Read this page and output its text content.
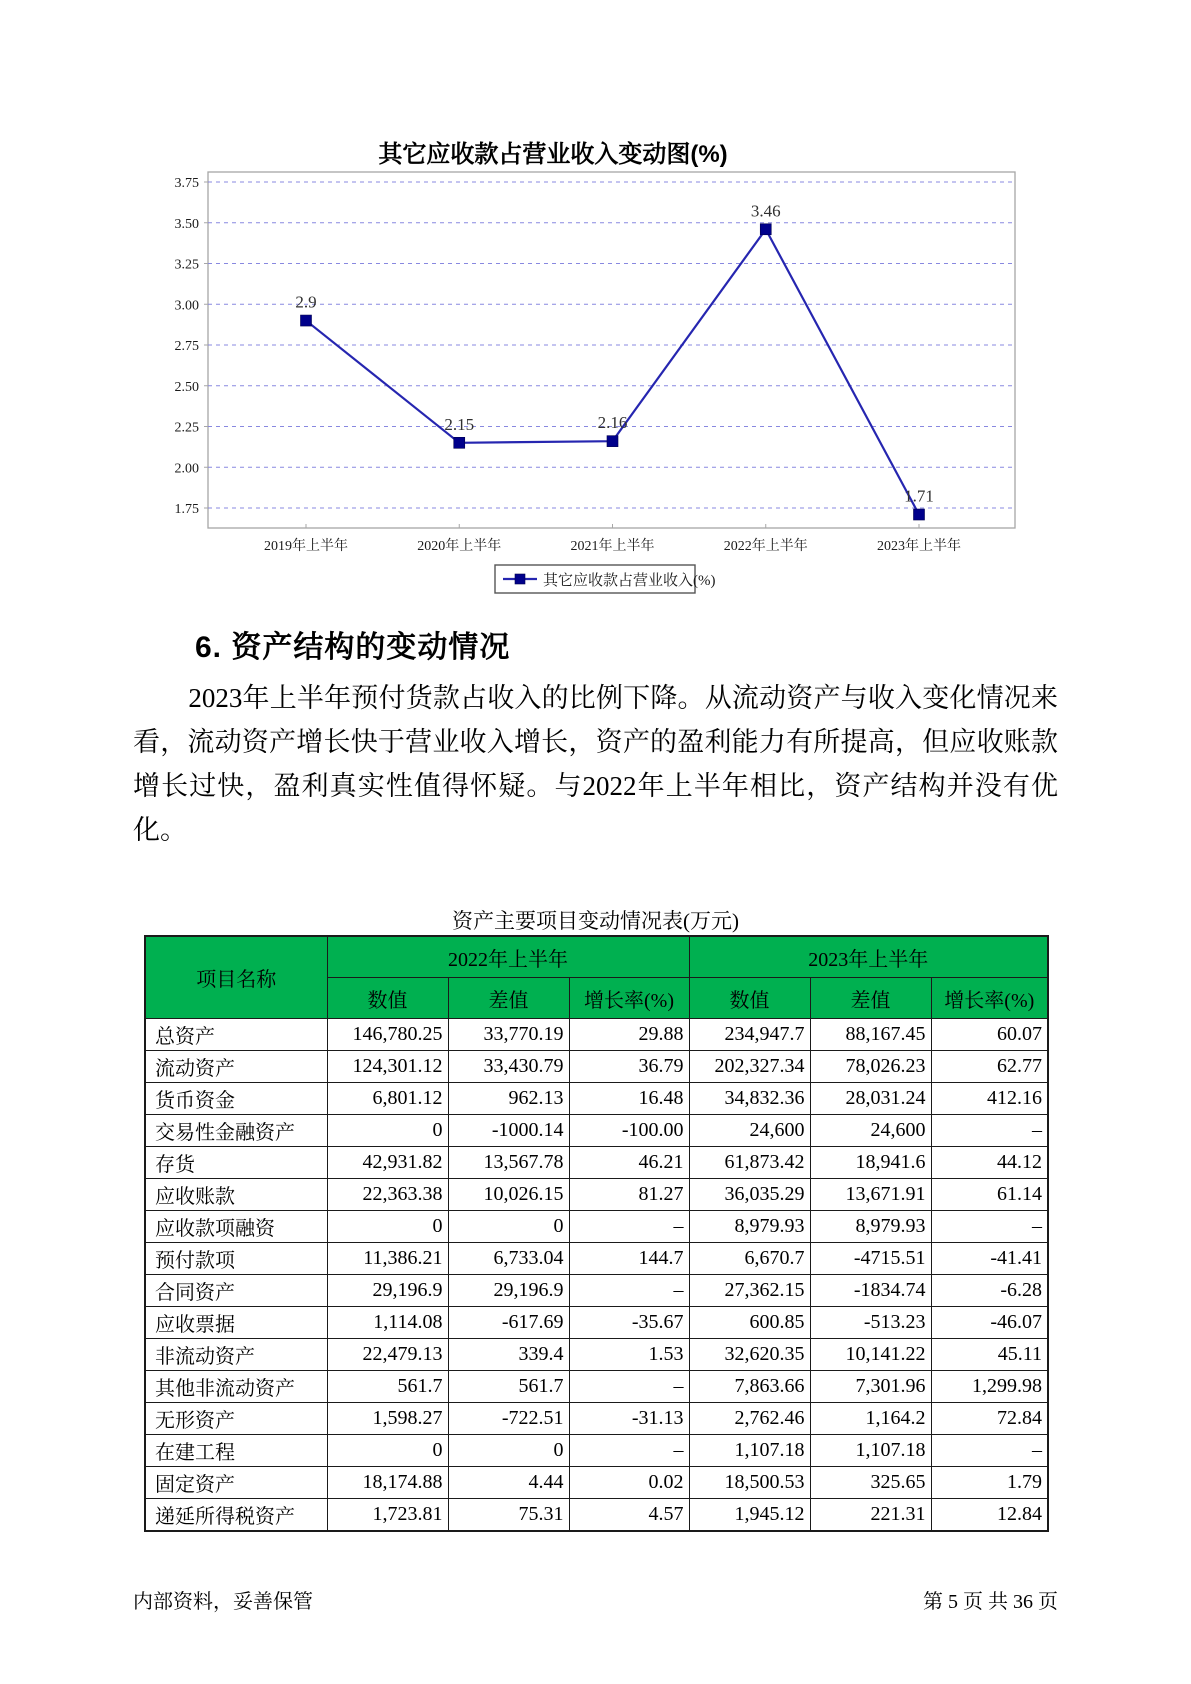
其它应收款占营业收入变动图(%)
3.75
3.50
3.25
3.00
2.75
2.50
2.25
2.00
1.75
2019年上半年	2020年上半年	2021年上半年	2022年上半年	2023年上半年
2.9
2.15	2.16
3.46
1.71
其它应收款占营业收入(%)
6. 资产结构的变动情况
2023年上半年预付货款占收入的比例下降。从流动资产与收入变化情况来看，流动资产增长快于营业收入增长，资产的盈利能力有所提高，但应收账款增长过快，盈利真实性值得怀疑。与2022年上半年相比，资产结构并没有优化。
资产主要项目变动情况表(万元)
项目名称	2022年上半年			2023年上半年		
	数值	差值	增长率(%)	数值	差值	增长率(%)
总资产	146,780.25	33,770.19	29.88	234,947.7	88,167.45	60.07
流动资产	124,301.12	33,430.79	36.79	202,327.34	78,026.23	62.77
货币资金	6,801.12	962.13	16.48	34,832.36	28,031.24	412.16
交易性金融资产	0	-1000.14	-100.00	24,600	24,600	–
存货	42,931.82	13,567.78	46.21	61,873.42	18,941.6	44.12
应收账款	22,363.38	10,026.15	81.27	36,035.29	13,671.91	61.14
应收款项融资	0	0	–	8,979.93	8,979.93	–
预付款项	11,386.21	6,733.04	144.7	6,670.7	-4715.51	-41.41
合同资产	29,196.9	29,196.9	–	27,362.15	-1834.74	-6.28
应收票据	1,114.08	-617.69	-35.67	600.85	-513.23	-46.07
非流动资产	22,479.13	339.4	1.53	32,620.35	10,141.22	45.11
其他非流动资产	561.7	561.7	–	7,863.66	7,301.96	1,299.98
无形资产	1,598.27	-722.51	-31.13	2,762.46	1,164.2	72.84
在建工程	0	0	–	1,107.18	1,107.18	–
固定资产	18,174.88	4.44	0.02	18,500.53	325.65	1.79
递延所得税资产	1,723.81	75.31	4.57	1,945.12	221.31	12.84
内部资料，妥善保管	第 5 页 共 36 页
